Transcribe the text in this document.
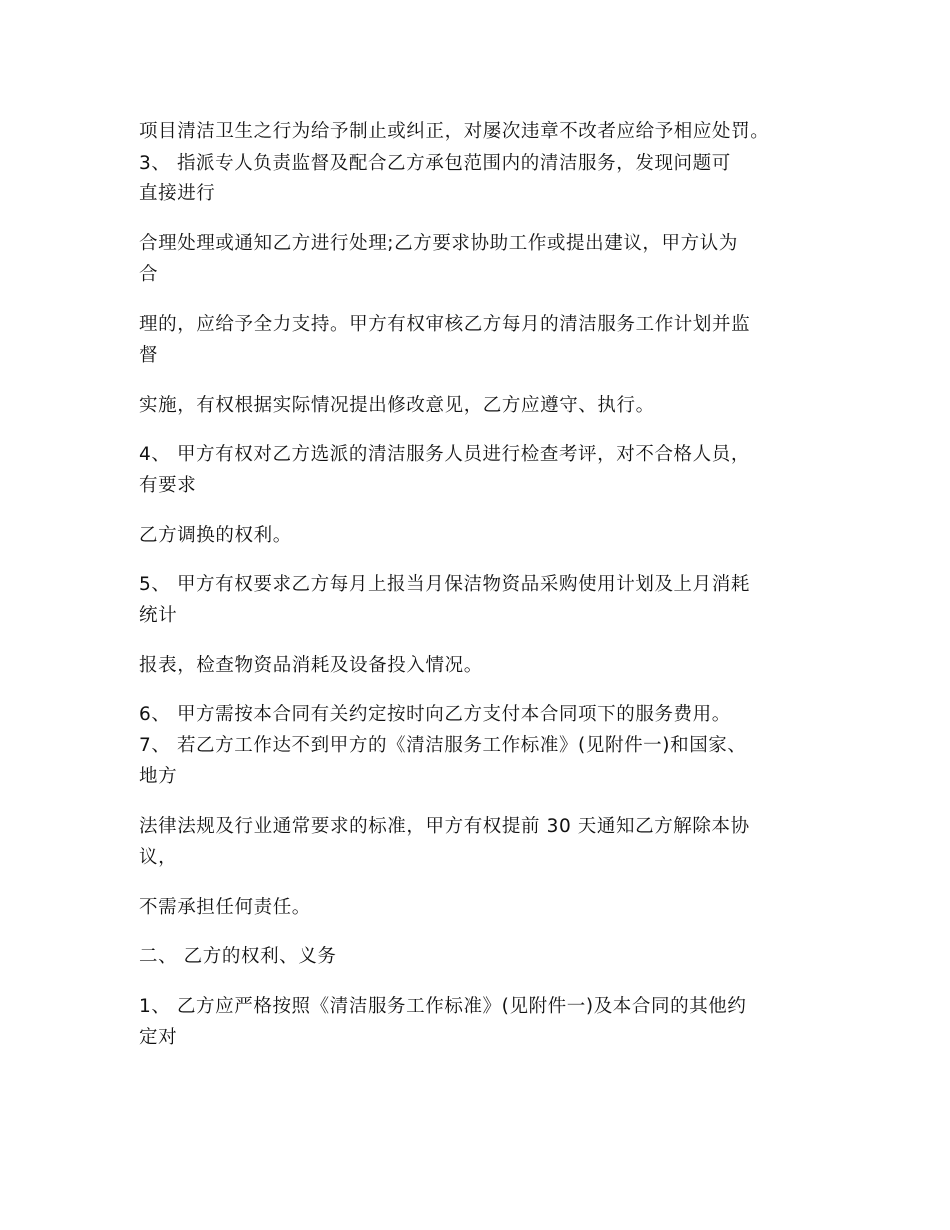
项目清洁卫生之行为给予制止或纠正，对屡次违章不改者应给予相应处罚。
3、 指派专人负责监督及配合乙方承包范围内的清洁服务，发现问题可
直接进行
合理处理或通知乙方进行处理;乙方要求协助工作或提出建议，甲方认为
合
理的，应给予全力支持。甲方有权审核乙方每月的清洁服务工作计划并监
督
实施，有权根据实际情况提出修改意见，乙方应遵守、执行。
4、 甲方有权对乙方选派的清洁服务人员进行检查考评，对不合格人员，
有要求
乙方调换的权利。
5、 甲方有权要求乙方每月上报当月保洁物资品采购使用计划及上月消耗
统计
报表，检查物资品消耗及设备投入情况。
6、 甲方需按本合同有关约定按时向乙方支付本合同项下的服务费用。
7、 若乙方工作达不到甲方的《清洁服务工作标准》(见附件一)和国家、
地方
法律法规及行业通常要求的标准，甲方有权提前 30 天通知乙方解除本协
议，
不需承担任何责任。
二、 乙方的权利、义务
1、 乙方应严格按照《清洁服务工作标准》(见附件一)及本合同的其他约
定对
